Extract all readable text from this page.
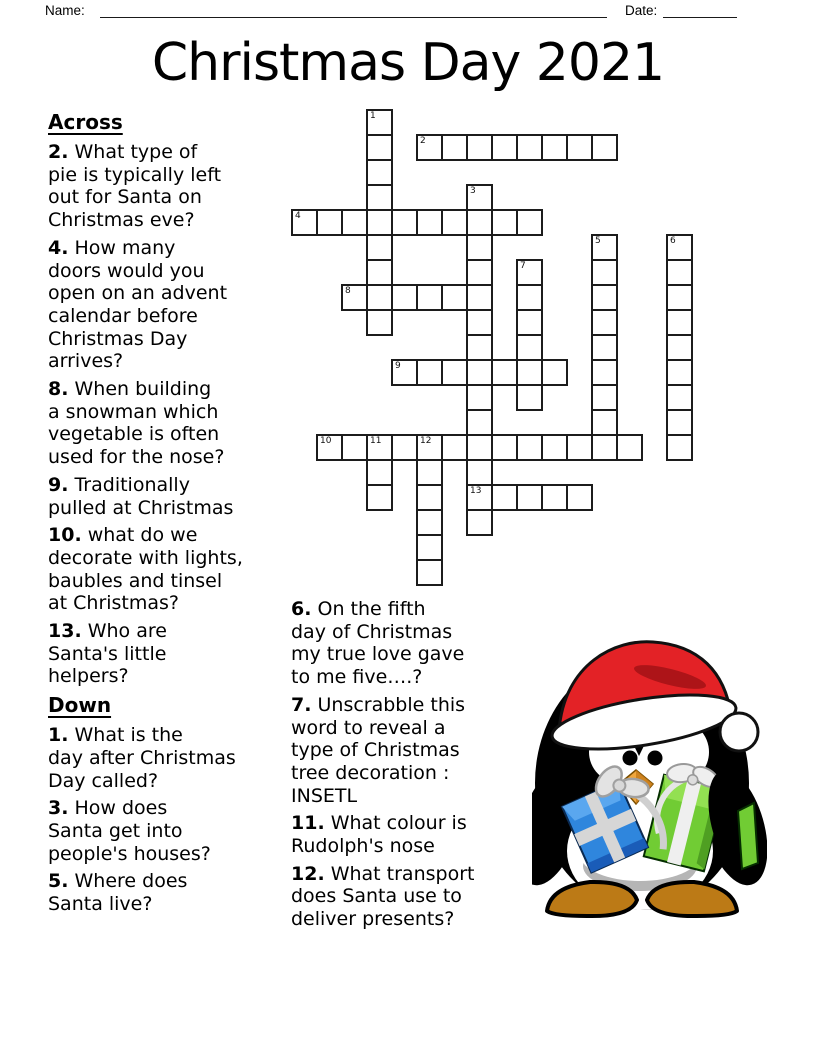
Name:	Date:
Christmas Day 2021
1
2
3
13
4
5	6
7
8
9
10	11	12
Across

2. What type of
pie is typically left
out for Santa on
Christmas eve?

4. How many
doors would you
open on an advent
calendar before
Christmas Day
arrives?

8. When building
a snowman which
vegetable is often
used for the nose?

9. Traditionally
pulled at Christmas

10. what do we
decorate with lights,
baubles and tinsel
at Christmas?

13. Who are
Santa's little
helpers?

Down

1. What is the
day after Christmas
Day called?

3. How does
Santa get into
people's houses?

5. Where does
Santa live?

6. On the fifth
day of Christmas
my true love gave
to me five….?

7. Unscrabble this
word to reveal a
type of Christmas
tree decoration :
INSETL

11. What colour is
Rudolph's nose

12. What transport
does Santa use to
deliver presents?
